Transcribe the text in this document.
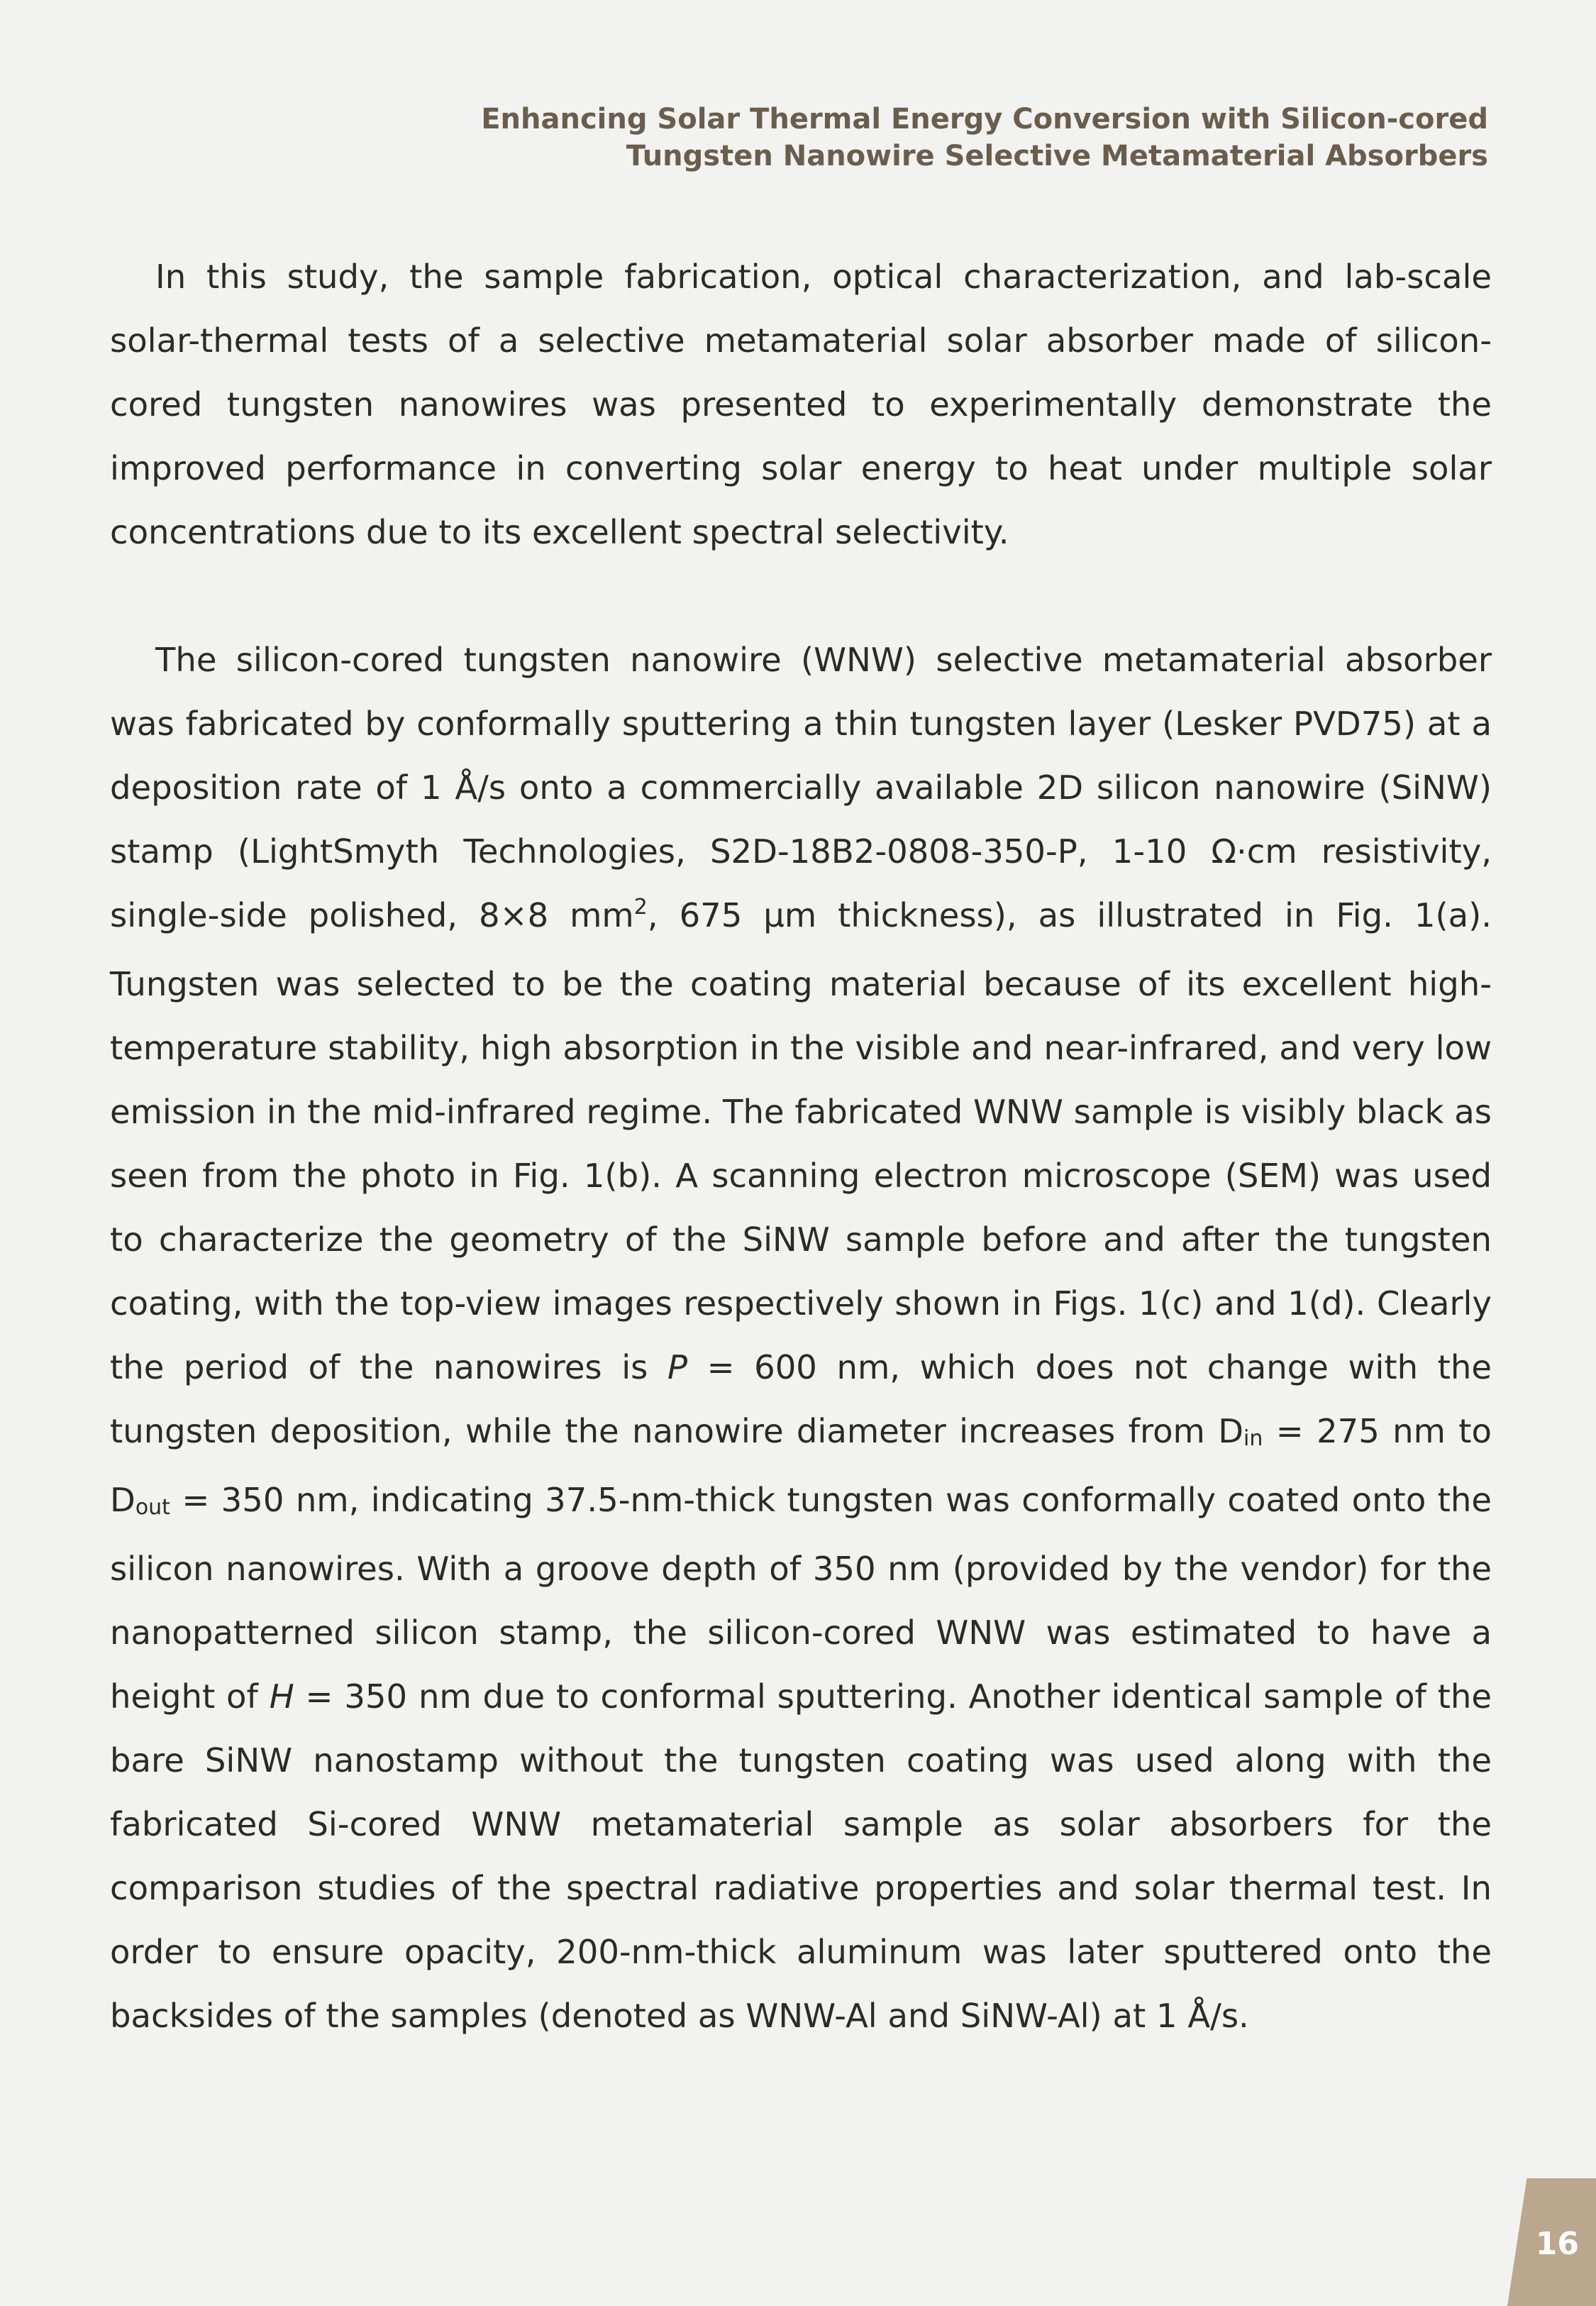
Enhancing Solar Thermal Energy Conversion with Silicon-cored
Tungsten Nanowire Selective Metamaterial Absorbers

In this study, the sample fabrication, optical characterization, and lab-scale solar-thermal tests of a selective metamaterial solar absorber made of silicon-cored tungsten nanowires was presented to experimentally demonstrate the improved performance in converting solar energy to heat under multiple solar concentrations due to its excellent spectral selectivity.

The silicon-cored tungsten nanowire (WNW) selective metamaterial absorber was fabricated by conformally sputtering a thin tungsten layer (Lesker PVD75) at a deposition rate of 1 Å/s onto a commercially available 2D silicon nanowire (SiNW) stamp (LightSmyth Technologies, S2D-18B2-0808-350-P, 1-10 Ω·cm resistivity, single-side polished, 8×8 $mm^2$, 675 μm thickness), as illustrated in Fig. 1(a). Tungsten was selected to be the coating material because of its excellent high-temperature stability, high absorption in the visible and near-infrared, and very low emission in the mid-infrared regime. The fabricated WNW sample is visibly black as seen from the photo in Fig. 1(b). A scanning electron microscope (SEM) was used to characterize the geometry of the SiNW sample before and after the tungsten coating, with the top-view images respectively shown in Figs. 1(c) and 1(d). Clearly the period of the nanowires is P = 600 nm, which does not change with the tungsten deposition, while the nanowire diameter increases from $D_{in} = 275$ nm to $D_{out} = 350$ nm, indicating 37.5-nm-thick tungsten was conformally coated onto the silicon nanowires. With a groove depth of 350 nm (provided by the vendor) for the nanopatterned silicon stamp, the silicon-cored WNW was estimated to have a height of H = 350 nm due to conformal sputtering. Another identical sample of the bare SiNW nanostamp without the tungsten coating was used along with the fabricated Si-cored WNW metamaterial sample as solar absorbers for the comparison studies of the spectral radiative properties and solar thermal test. In order to ensure opacity, 200-nm-thick aluminum was later sputtered onto the backsides of the samples (denoted as WNW-Al and SiNW-Al) at 1 Å/s.

16
